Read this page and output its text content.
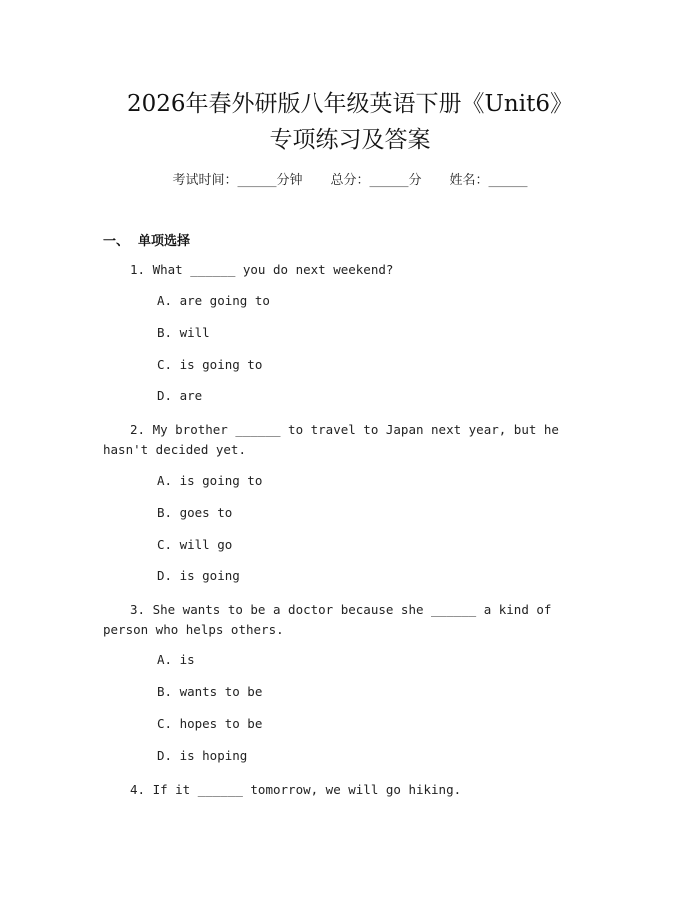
2026年春外研版八年级英语下册《Unit6》
专项练习及答案
考试时间：______分钟 总分：______分 姓名：______
一、  单项选择
1. What ______ you do next weekend?
A. are going to
B. will
C. is going to
D. are
2. My brother ______ to travel to Japan next year, but he hasn't decided yet.
A. is going to
B. goes to
C. will go
D. is going
3. She wants to be a doctor because she ______ a kind of person who helps others.
A. is
B. wants to be
C. hopes to be
D. is hoping
4. If it ______ tomorrow, we will go hiking.
